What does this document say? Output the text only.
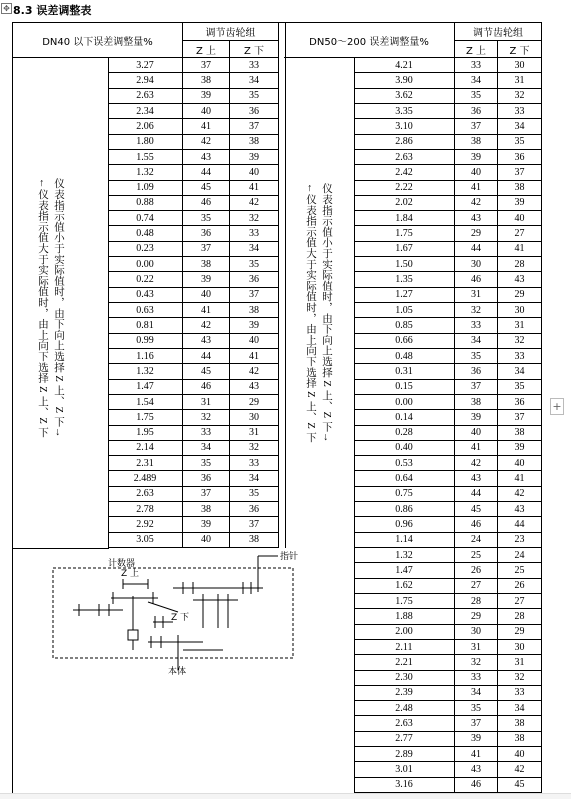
✥ 8.3 误差调整表
DN40 以下误差调整量%
调节齿轮组
Z 上	Z 下
DN50～200 误差调整量%
调节齿轮组
Z 上	Z 下
仪表指示值小于实际值时，由下向上选择 Z 上、Z 下→
←仪表指示值大于实际值时，由上向下选择 Z 上、Z 下	仪表指示值小于实际值时，由下向上选择 Z 上、Z 下→
←仪表指示值大于实际值时，由上向下选择 Z 上、Z 下
3.27	37	33
2.94	38	34
2.63	39	35
2.34	40	36
2.06	41	37
1.80	42	38
1.55	43	39
1.32	44	40
1.09	45	41
0.88	46	42
0.74	35	32
0.48	36	33
0.23	37	34
0.00	38	35
0.22	39	36
0.43	40	37
0.63	41	38
0.81	42	39
0.99	43	40
1.16	44	41
1.32	45	42
1.47	46	43
1.54	31	29
1.75	32	30
1.95	33	31
2.14	34	32
2.31	35	33
2.489	36	34
2.63	37	35
2.78	38	36
2.92	39	37
3.05	40	38
4.21	33	30
3.90	34	31
3.62	35	32
3.35	36	33
3.10	37	34
2.86	38	35
2.63	39	36
2.42	40	37
2.22	41	38
2.02	42	39
1.84	43	40
1.75	29	27
1.67	44	41
1.50	30	28
1.35	46	43
1.27	31	29
1.05	32	30
0.85	33	31
0.66	34	32
0.48	35	33
0.31	36	34
0.15	37	35
0.00	38	36
0.14	39	37
0.28	40	38
0.40	41	39
0.53	42	40
0.64	43	41
0.75	44	42
0.86	45	43
0.96	46	44
1.14	24	23
1.32	25	24
1.47	26	25
1.62	27	26
1.75	28	27
1.88	29	28
2.00	30	29
2.11	31	30
2.21	32	31
2.30	33	32
2.39	34	33
2.48	35	34
2.63	37	38
2.77	39	38
2.89	41	40
3.01	43	42
3.16	46	45
计数器
指针
Z 上
Z 下
本体
+
